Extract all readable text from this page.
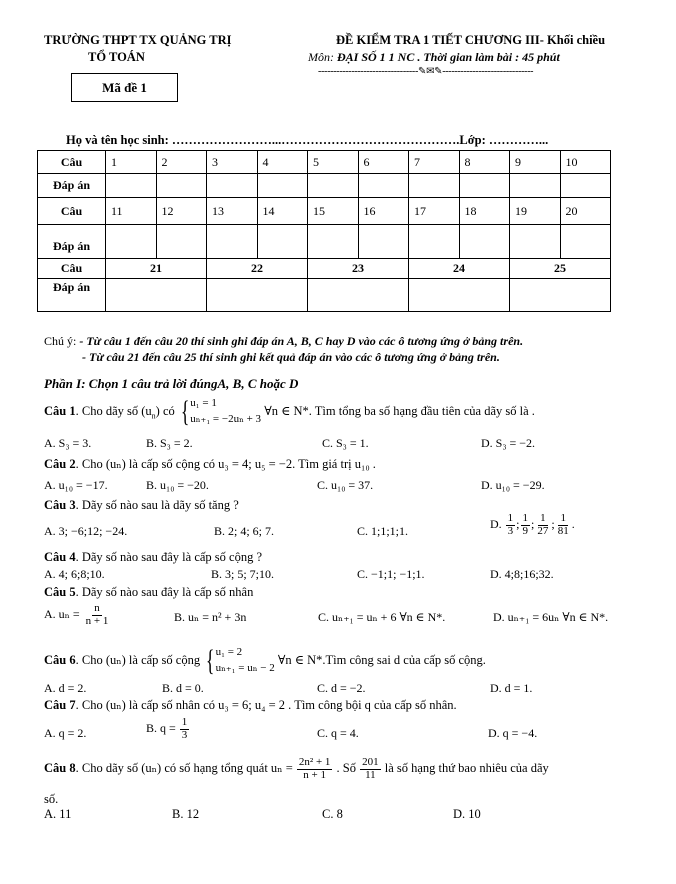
TRƯỜNG THPT TX QUẢNG TRỊ
TỔ TOÁN
ĐỀ KIỂM TRA 1 TIẾT CHƯƠNG III- Khối chiều
Môn: ĐẠI SỐ 1 1 NC . Thời gian làm bài : 45 phút
---------------------------------✎✉✎------------------------------
Mã đề 1
Họ và tên học sinh: ……………………...…………………………………….Lớp: …………...
Câu	1	2	3	4	5	6	7	8	9	10
Đáp án										
Câu	11	12	13	14	15	16	17	18	19	20
Đáp án										
Câu	21		22		23		24		25	
Đáp án										
Chú ý: - Từ câu 1 đến câu 20 thí sinh ghi đáp án A, B, C hay D vào các ô tương ứng ở bảng trên.
- Từ câu 21 đến câu 25 thí sinh ghi kết quả đáp án vào các ô tương ứng ở bảng trên.
Phần I: Chọn 1 câu trả lời đúngA, B, C hoặc D
Câu 1. Cho dãy số $(u_n)$ có { u₁ = 1
uₙ₊₁ = −2uₙ + 3
∀n ∈ N*. Tìm tổng ba số hạng đầu tiên của dãy số là .
A. S₃ = 3.	B. S₃ = 2.	C. S₃ = 1.	D. S₃ = −2.
Câu 2. Cho (uₙ) là cấp số cộng có u₃ = 4; u₅ = −2. Tìm giá trị u₁₀ .
A. u₁₀ = −17.	B. u₁₀ = −20.	C. u₁₀ = 37.	D. u₁₀ = −29.
Câu 3. Dãy số nào sau là dãy số tăng ?
A. 3; −6;12; −24.	B. 2; 4; 6; 7.	C. 1;1;1;1.
D. $\frac{1}{3}$ ; $\frac{1}{9}$ ; $\frac{1}{27}$ ; $\frac{1}{81}$ .
Câu 4. Dãy số nào sau đây là cấp số cộng ?
A. 4; 6;8;10.	B. 3; 5; 7;10.	C. −1;1; −1;1.	D. 4;8;16;32.
Câu 5. Dãy số nào sau đây là cấp số nhân
A. $u_n = \frac{n}{n + 1}$	B. uₙ = n² + 3n	C. uₙ₊₁ = uₙ + 6 ∀n ∈ N*.	D. uₙ₊₁ = 6uₙ ∀n ∈ N*.
Câu 6. Cho (uₙ) là cấp số cộng { u₁ = 2
uₙ₊₁ = uₙ − 2
∀n ∈ N*.Tìm công sai d của cấp số cộng.
A. d = 2.	B. d = 0.	C. d = −2.	D. d = 1.
Câu 7. Cho (uₙ) là cấp số nhân có u₃ = 6; u₄ = 2 . Tìm công bội q của cấp số nhân.
A. q = 2.	B. $q = \frac{1}{3}$	C. q = 4.	D. q = −4.
Câu 8. Cho dãy số (uₙ) có số hạng tổng quát $u_n = \frac{\text{2n² + 1}}{n + 1}$ . Số $\frac{201}{11}$ là số hạng thứ bao nhiêu của dãy
số.
A. 11	B. 12	C. 8	D. 10
